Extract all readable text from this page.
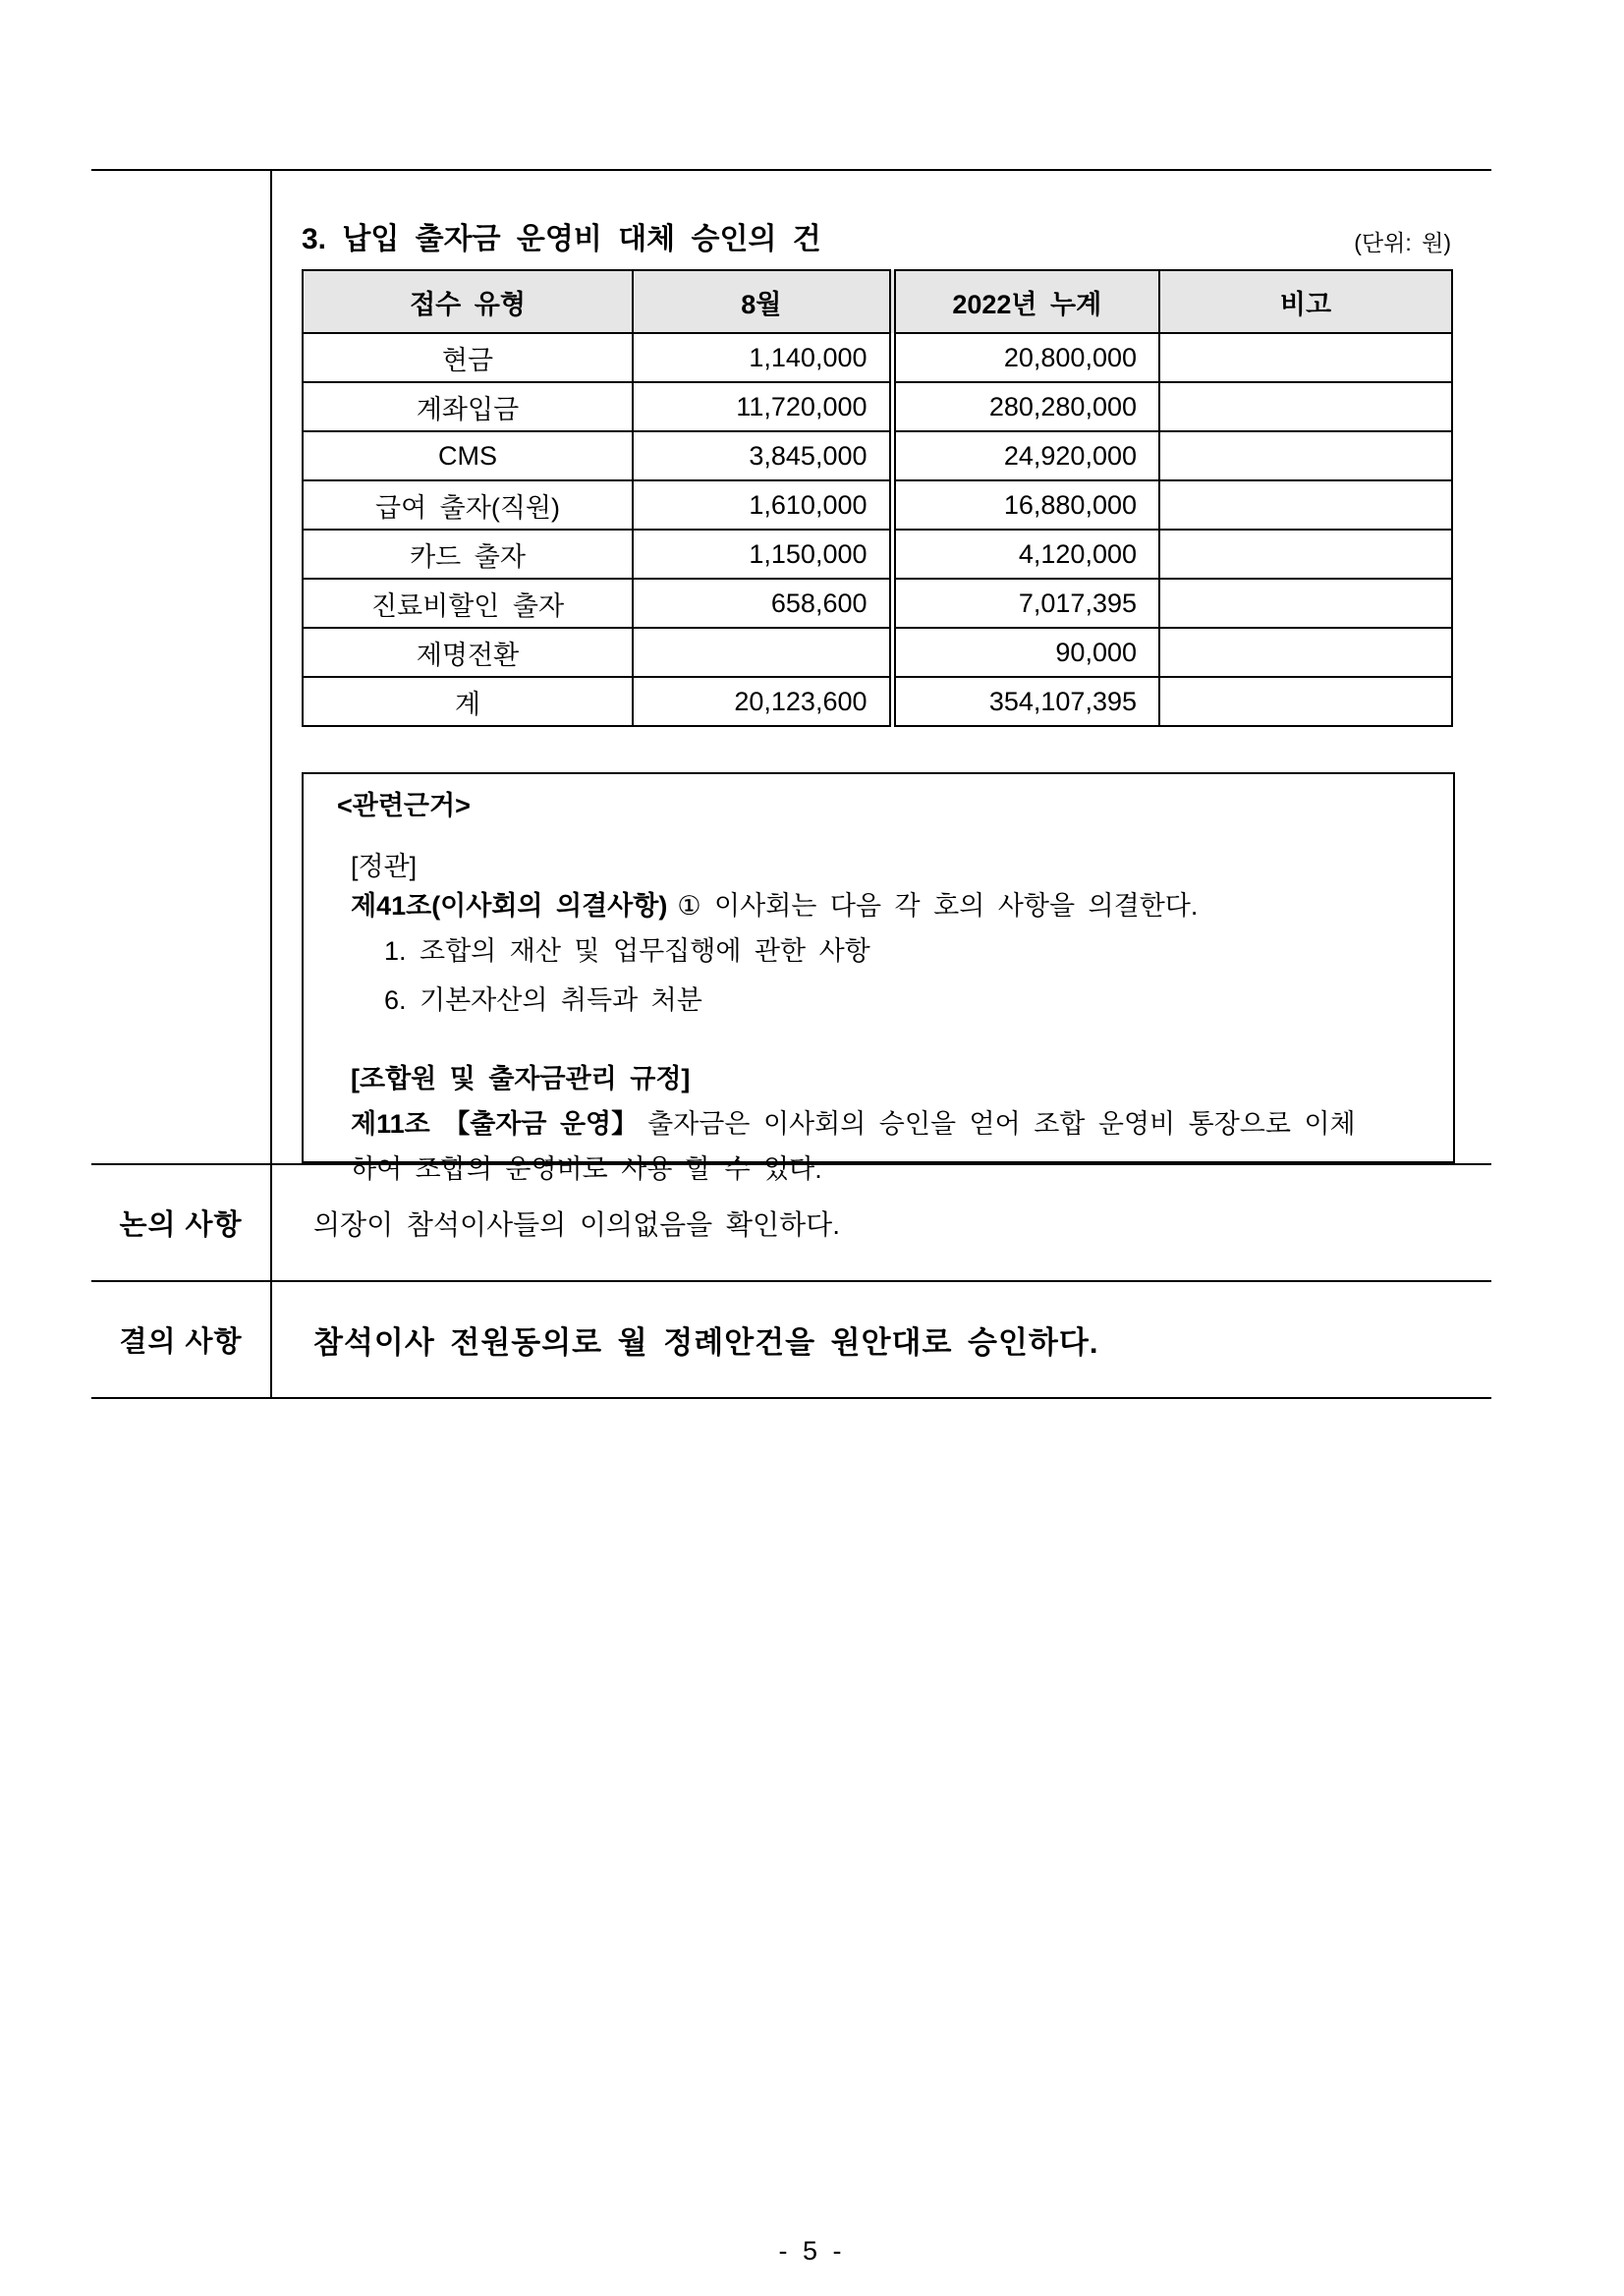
3. 납입 출자금 운영비 대체 승인의 건	(단위: 원)
접수 유형	8월	2022년 누계	비고
현금	1,140,000	20,800,000	
계좌입금	11,720,000	280,280,000	
CMS	3,845,000	24,920,000	
급여 출자(직원)	1,610,000	16,880,000	
카드 출자	1,150,000	4,120,000	
진료비할인 출자	658,600	7,017,395	
제명전환		90,000	
계	20,123,600	354,107,395	
<관련근거>
[정관]
제41조(이사회의 의결사항) ① 이사회는 다음 각 호의 사항을 의결한다.
1. 조합의 재산 및 업무집행에 관한 사항
6. 기본자산의 취득과 처분
[조합원 및 출자금관리 규정]
제11조 【출자금 운영】 출자금은 이사회의 승인을 얻어 조합 운영비 통장으로 이체
하여 조합의 운영비로 사용 할 수 있다.
논의 사항	의장이 참석이사들의 이의없음을 확인하다.
결의 사항	참석이사 전원동의로 월 정례안건을 원안대로 승인하다.
- 5 -
